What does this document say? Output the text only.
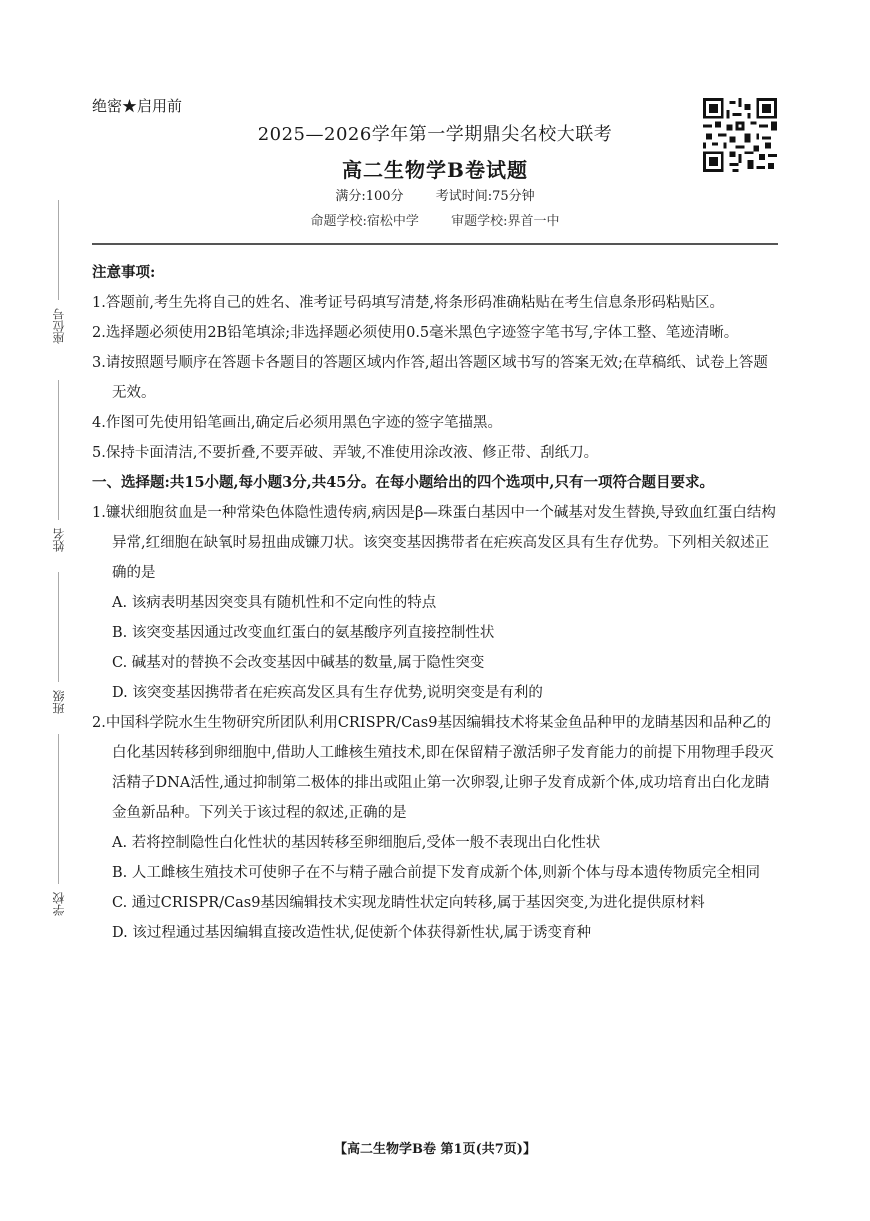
绝密★启用前
2025—2026学年第一学期鼎尖名校大联考
高二生物学B卷试题
满分:100分 考试时间:75分钟
命题学校:宿松中学 审题学校:界首一中
座位号
姓名
班级
学校

注意事项:

1.答题前,考生先将自己的姓名、准考证号码填写清楚,将条形码准确粘贴在考生信息条形码粘贴区。

2.选择题必须使用2B铅笔填涂;非选择题必须使用0.5毫米黑色字迹签字笔书写,字体工整、笔迹清晰。

3.请按照题号顺序在答题卡各题目的答题区域内作答,超出答题区域书写的答案无效;在草稿纸、试卷上答题无效。

4.作图可先使用铅笔画出,确定后必须用黑色字迹的签字笔描黑。

5.保持卡面清洁,不要折叠,不要弄破、弄皱,不准使用涂改液、修正带、刮纸刀。

一、选择题:共15小题,每小题3分,共45分。在每小题给出的四个选项中,只有一项符合题目要求。

1.镰状细胞贫血是一种常染色体隐性遗传病,病因是β—珠蛋白基因中一个碱基对发生替换,导致血红蛋白结构异常,红细胞在缺氧时易扭曲成镰刀状。该突变基因携带者在疟疾高发区具有生存优势。下列相关叙述正确的是

A. 该病表明基因突变具有随机性和不定向性的特点

B. 该突变基因通过改变血红蛋白的氨基酸序列直接控制性状

C. 碱基对的替换不会改变基因中碱基的数量,属于隐性突变

D. 该突变基因携带者在疟疾高发区具有生存优势,说明突变是有利的

2.中国科学院水生生物研究所团队利用CRISPR/Cas9基因编辑技术将某金鱼品种甲的龙睛基因和品种乙的白化基因转移到卵细胞中,借助人工雌核生殖技术,即在保留精子激活卵子发育能力的前提下用物理手段灭活精子DNA活性,通过抑制第二极体的排出或阻止第一次卵裂,让卵子发育成新个体,成功培育出白化龙睛金鱼新品种。下列关于该过程的叙述,正确的是

A. 若将控制隐性白化性状的基因转移至卵细胞后,受体一般不表现出白化性状

B. 人工雌核生殖技术可使卵子在不与精子融合前提下发育成新个体,则新个体与母本遗传物质完全相同

C. 通过CRISPR/Cas9基因编辑技术实现龙睛性状定向转移,属于基因突变,为进化提供原材料

D. 该过程通过基因编辑直接改造性状,促使新个体获得新性状,属于诱变育种

【高二生物学B卷 第1页(共7页)】
